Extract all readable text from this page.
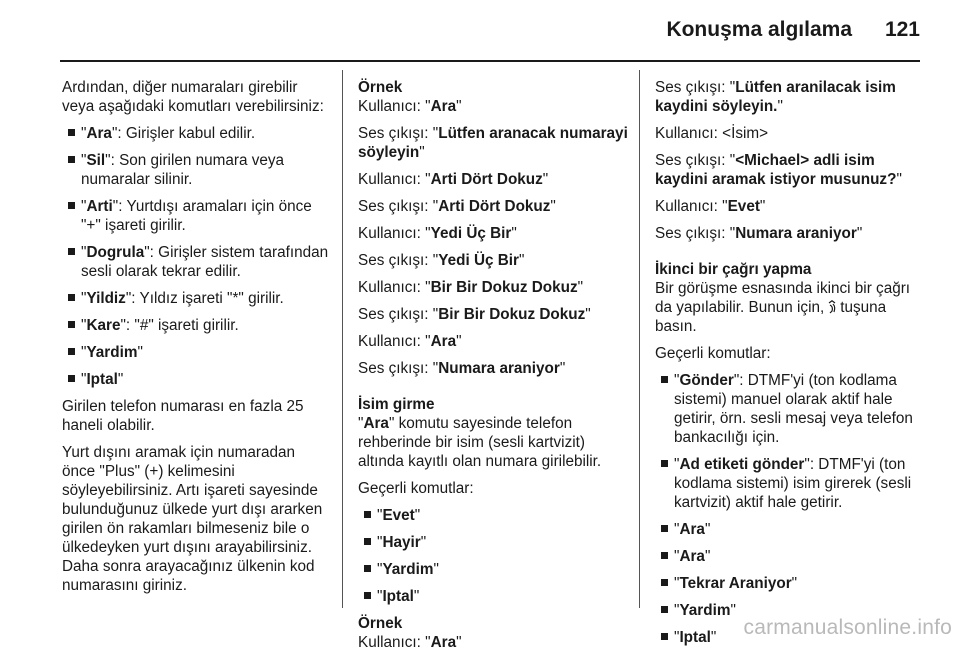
Konuşma algılama 121

Ardından, diğer numaraları girebilir veya aşağıdaki komutları verebilirsiniz:

"Ara": Girişler kabul edilir.
"Sil": Son girilen numara veya numaralar silinir.
"Arti": Yurtdışı aramaları için önce "+" işareti girilir.
"Dogrula": Girişler sistem tarafından sesli olarak tekrar edilir.
"Yildiz": Yıldız işareti "*" girilir.
"Kare": "#" işareti girilir.
"Yardim"
"Iptal"

Girilen telefon numarası en fazla 25 haneli olabilir.

Yurt dışını aramak için numaradan önce "Plus" (+) kelimesini söyleyebilirsiniz. Artı işareti sayesinde bulunduğunuz ülkede yurt dışı ararken girilen ön rakamları bilmeseniz bile o ülkedeyken yurt dışını arayabilirsiniz. Daha sonra arayacağınız ülkenin kod numarasını giriniz.

Örnek

Kullanıcı: "Ara"

Ses çıkışı: "Lütfen aranacak numarayi söyleyin"

Kullanıcı: "Arti Dört Dokuz"

Ses çıkışı: "Arti Dört Dokuz"

Kullanıcı: "Yedi Üç Bir"

Ses çıkışı: "Yedi Üç Bir"

Kullanıcı: "Bir Bir Dokuz Dokuz"

Ses çıkışı: "Bir Bir Dokuz Dokuz"

Kullanıcı: "Ara"

Ses çıkışı: "Numara araniyor"

İsim girme

"Ara" komutu sayesinde telefon rehberinde bir isim (sesli kartvizit) altında kayıtlı olan numara girilebilir.

Geçerli komutlar:

"Evet"
"Hayir"
"Yardim"
"Iptal"

Örnek

Kullanıcı: "Ara"

Ses çıkışı: "Lütfen aranilacak isim kaydini söyleyin."

Kullanıcı: <İsim>

Ses çıkışı: "<Michael> adli isim kaydini aramak istiyor musunuz?"

Kullanıcı: "Evet"

Ses çıkışı: "Numara araniyor"

İkinci bir çağrı yapma

Bir görüşme esnasında ikinci bir çağrı da yapılabilir. Bunun için, tuşuna basın.

Geçerli komutlar:

"Gönder": DTMF'yi (ton kodlama sistemi) manuel olarak aktif hale getirir, örn. sesli mesaj veya telefon bankacılığı için.
"Ad etiketi gönder": DTMF'yi (ton kodlama sistemi) isim girerek (sesli kartvizit) aktif hale getirir.
"Ara"
"Ara"
"Tekrar Araniyor"
"Yardim"
"Iptal"	carmanualsonline.info
